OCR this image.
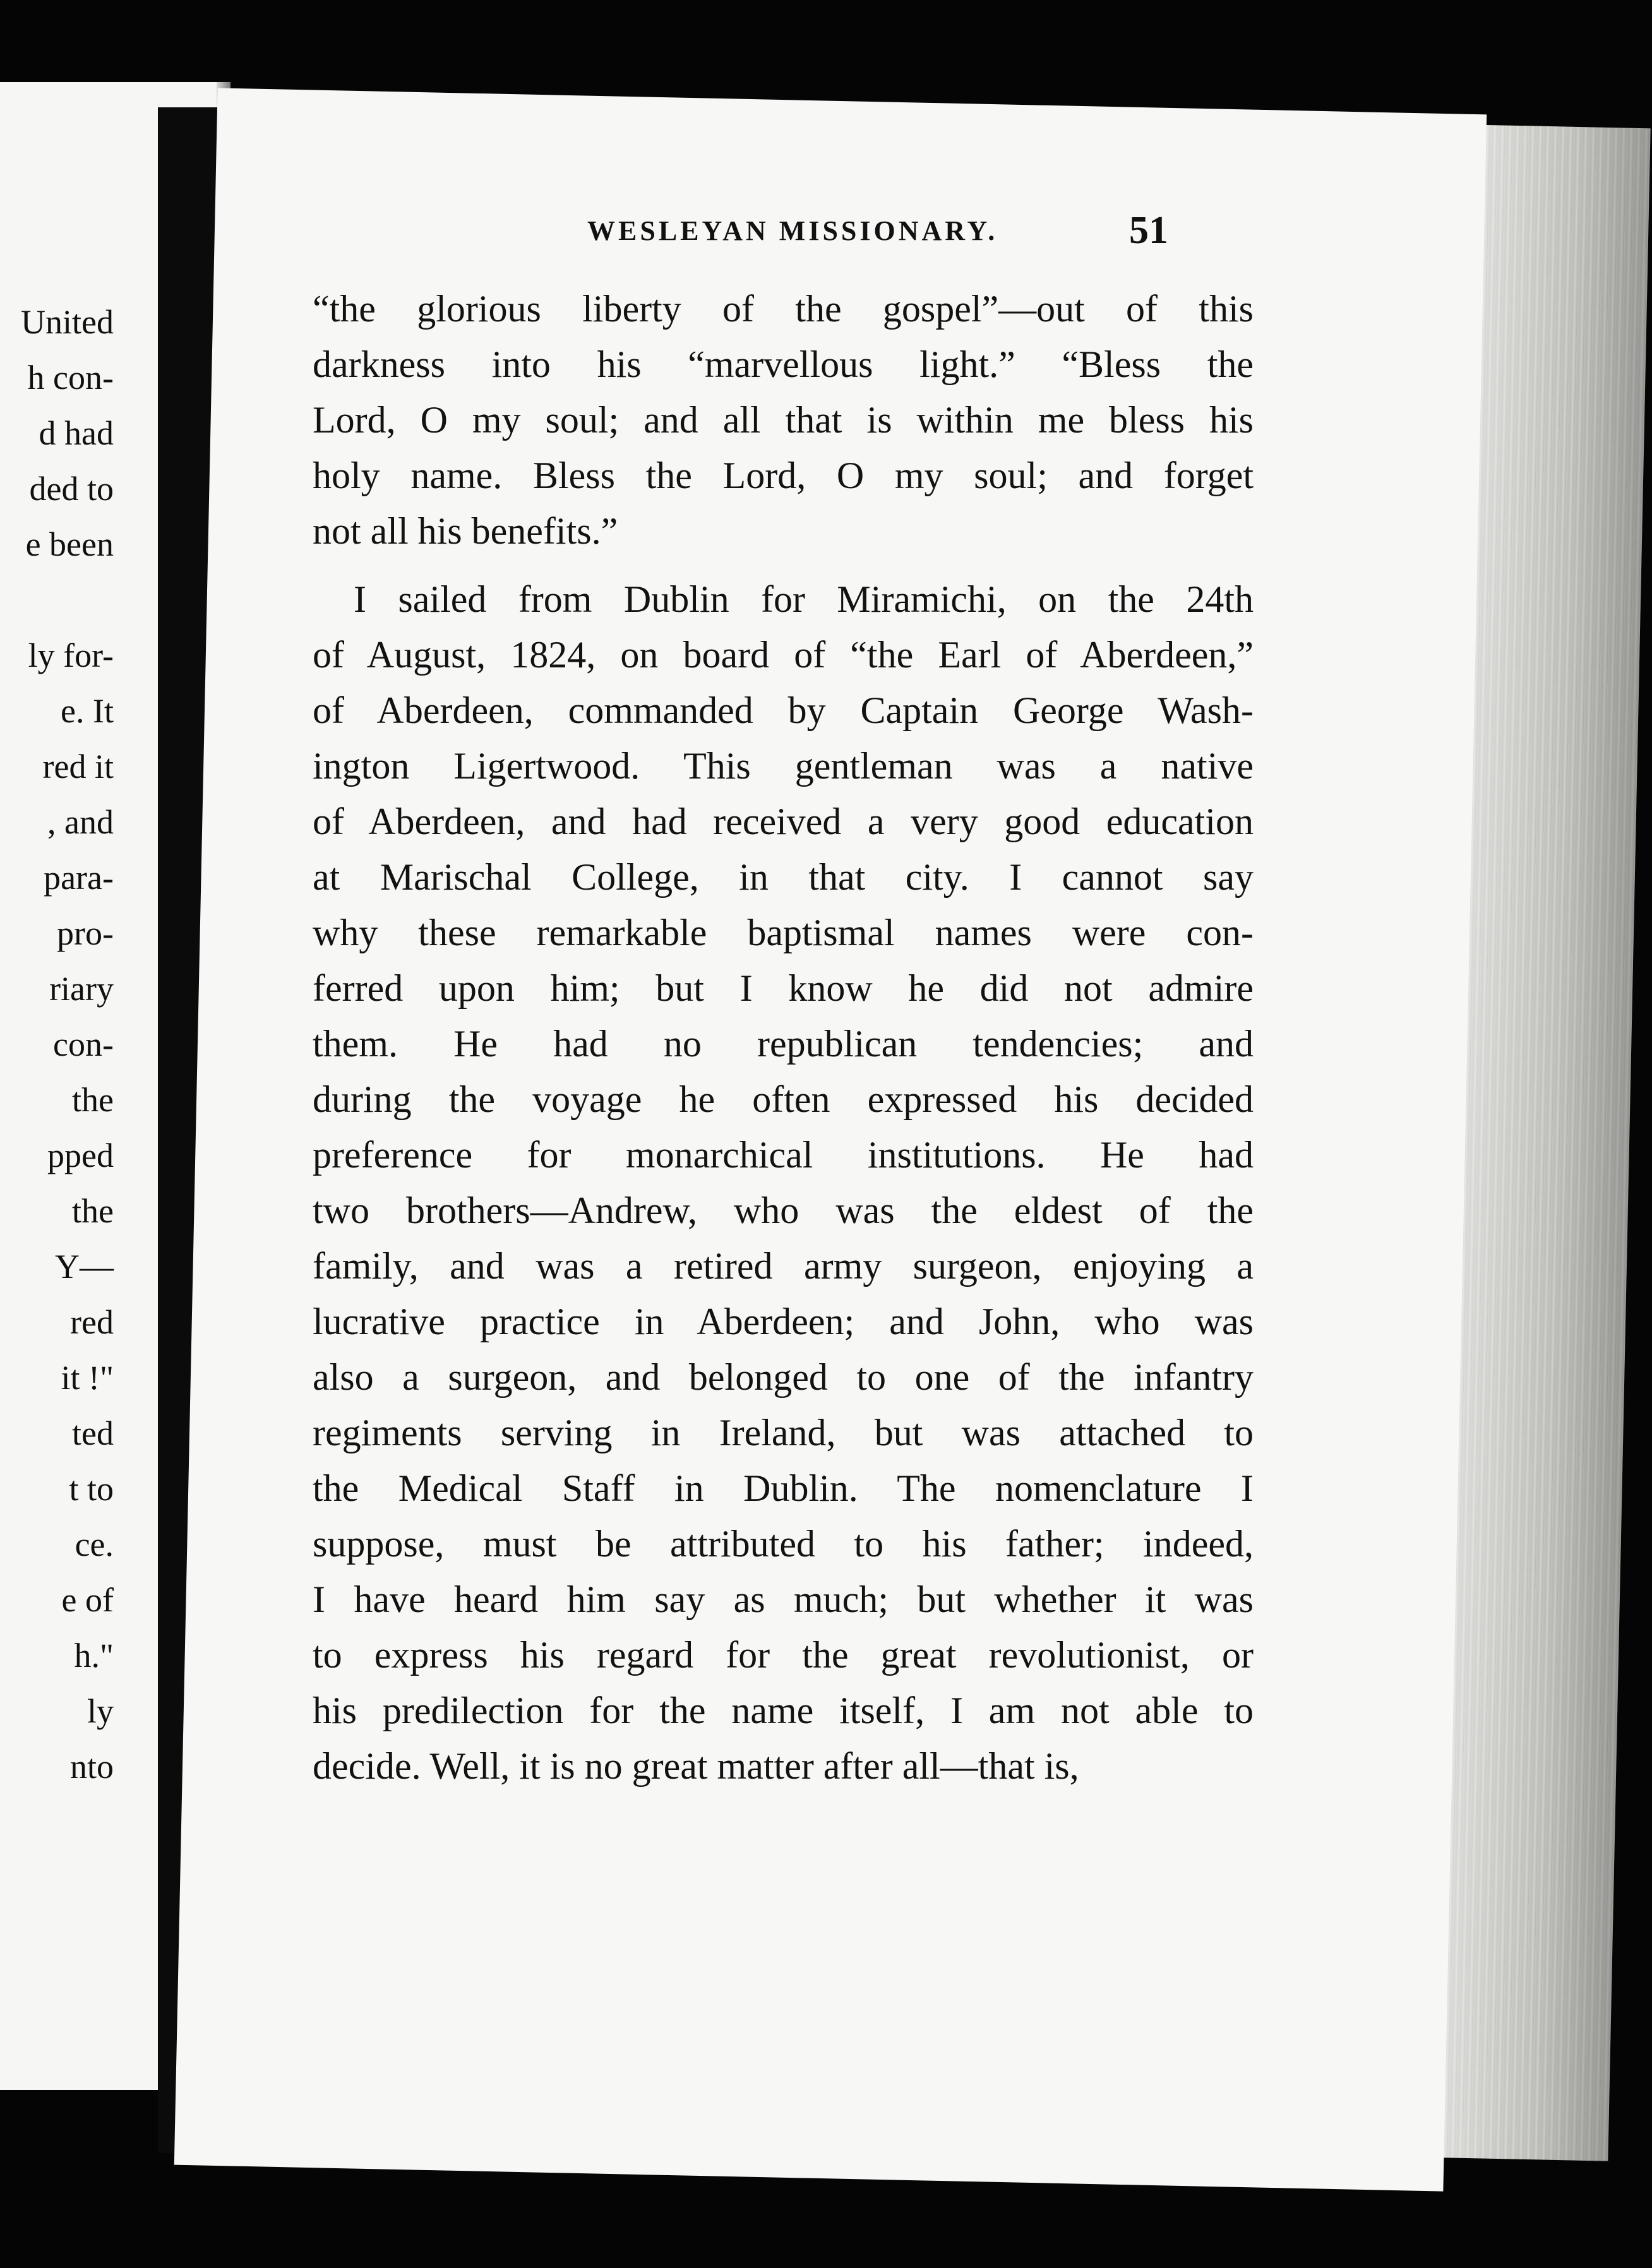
United
h con-
d had
ded to
e been
ly for-
e. It
red it
, and
para-
pro-
riary
con-
the
pped
the
Y—
red
it !"
ted
t to
ce.
e of
h."
ly
nto
WESLEYAN MISSIONARY.	51
“the glorious liberty of the gospel”—out of this
darkness into his “marvellous light.” “Bless the
Lord, O my soul; and all that is within me bless his
holy name. Bless the Lord, O my soul; and forget
not all his benefits.”
I sailed from Dublin for Miramichi, on the 24th
of August, 1824, on board of “the Earl of Aberdeen,”
of Aberdeen, commanded by Captain George Wash-
ington Ligertwood. This gentleman was a native
of Aberdeen, and had received a very good education
at Marischal College, in that city. I cannot say
why these remarkable baptismal names were con-
ferred upon him; but I know he did not admire
them. He had no republican tendencies; and
during the voyage he often expressed his decided
preference for monarchical institutions. He had
two brothers—Andrew, who was the eldest of the
family, and was a retired army surgeon, enjoying a
lucrative practice in Aberdeen; and John, who was
also a surgeon, and belonged to one of the infantry
regiments serving in Ireland, but was attached to
the Medical Staff in Dublin. The nomenclature I
suppose, must be attributed to his father; indeed,
I have heard him say as much; but whether it was
to express his regard for the great revolutionist, or
his predilection for the name itself, I am not able to
decide. Well, it is no great matter after all—that is,
